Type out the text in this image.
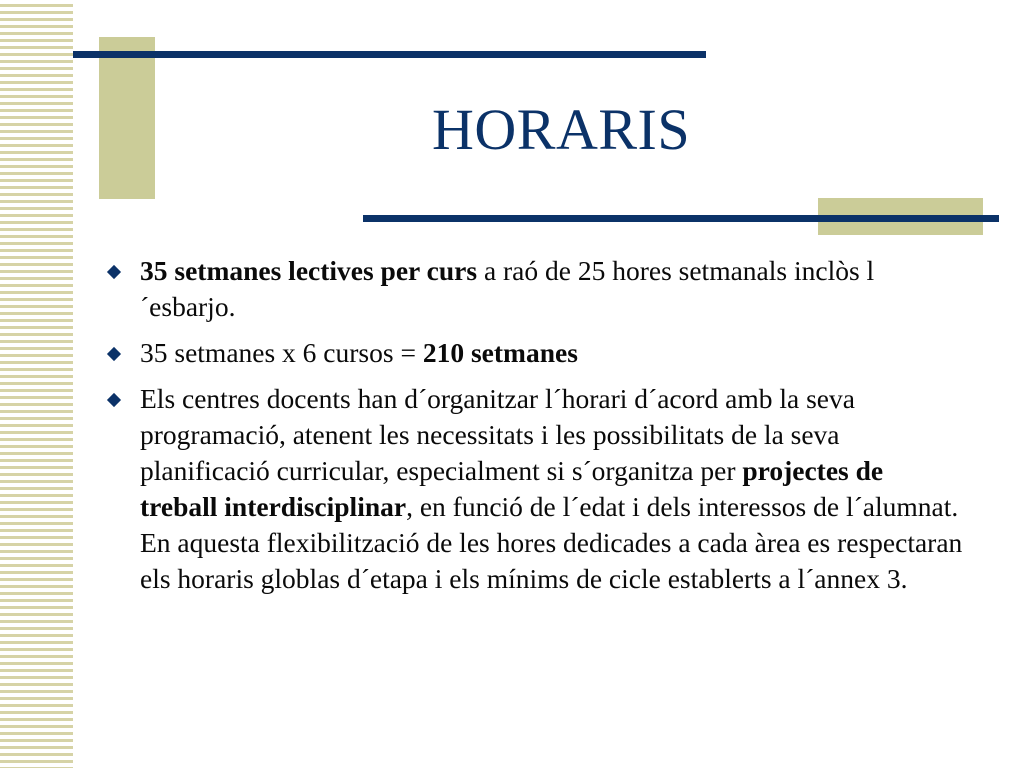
HORARIS
35 setmanes lectives per curs a raó de 25 hores setmanals inclòs l´esbarjo.
35 setmanes x 6 cursos = 210 setmanes
Els centres docents han d´organitzar l´horari d´acord amb la seva programació, atenent les necessitats i les possibilitats de la seva planificació curricular, especialment si s´organitza per projectes de treball interdisciplinar, en funció de l´edat i dels interessos de l´alumnat. En aquesta flexibilització de les hores dedicades a cada àrea es respectaran els horaris globlas d´etapa i els mínims de cicle establerts a l´annex 3.
